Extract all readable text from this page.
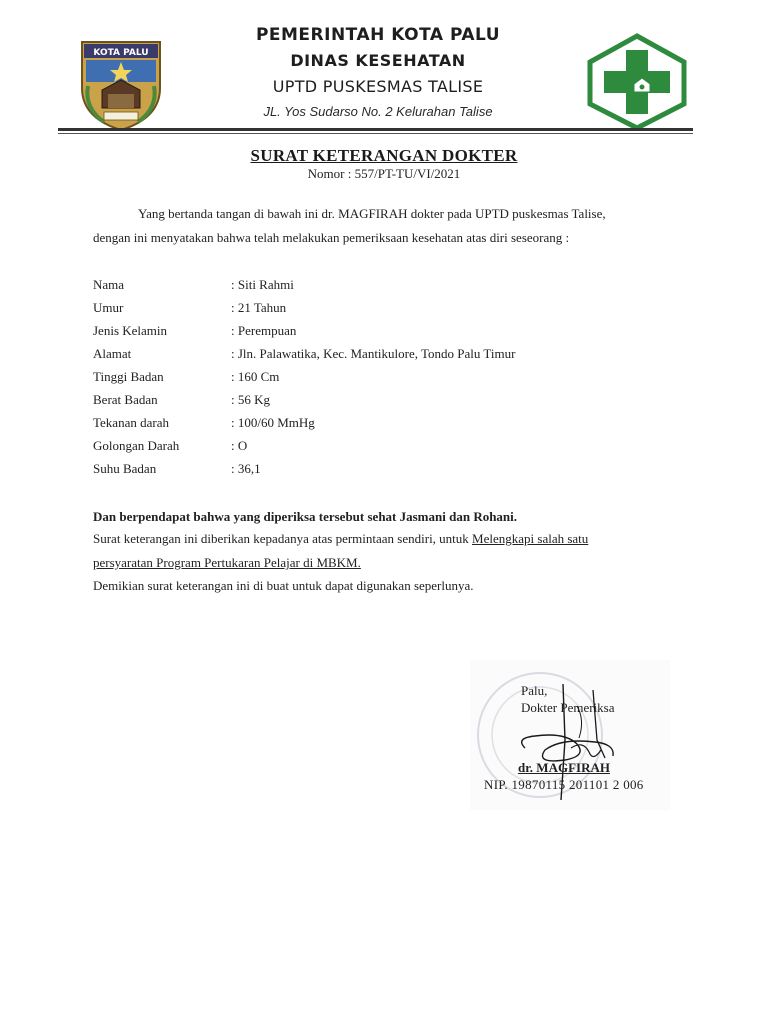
KOTA PALU
PEMERINTAH KOTA PALU
DINAS KESEHATAN
UPTD PUSKESMAS TALISE
JL. Yos Sudarso No. 2 Kelurahan Talise
SURAT KETERANGAN DOKTER
Nomor : 557/PT-TU/VI/2021
Yang bertanda tangan di bawah ini dr. MAGFIRAH dokter pada UPTD puskesmas Talise,
dengan ini menyatakan bahwa telah melakukan pemeriksaan kesehatan atas diri seseorang :
Nama	: Siti Rahmi
Umur	: 21 Tahun
Jenis Kelamin	: Perempuan
Alamat	: Jln. Palawatika, Kec. Mantikulore, Tondo Palu Timur
Tinggi Badan	: 160 Cm
Berat Badan	: 56 Kg
Tekanan darah	: 100/60 MmHg
Golongan Darah	: O
Suhu Badan	: 36,1
Dan berpendapat bahwa yang diperiksa tersebut sehat Jasmani dan Rohani.
Surat keterangan ini diberikan kepadanya atas permintaan sendiri, untuk Melengkapi salah satu
persyaratan Program Pertukaran Pelajar di MBKM.
Demikian surat keterangan ini di buat untuk dapat digunakan seperlunya.
Palu,
Dokter Pemeriksa
dr. MAGFIRAH
NIP. 19870115 201101 2 006
